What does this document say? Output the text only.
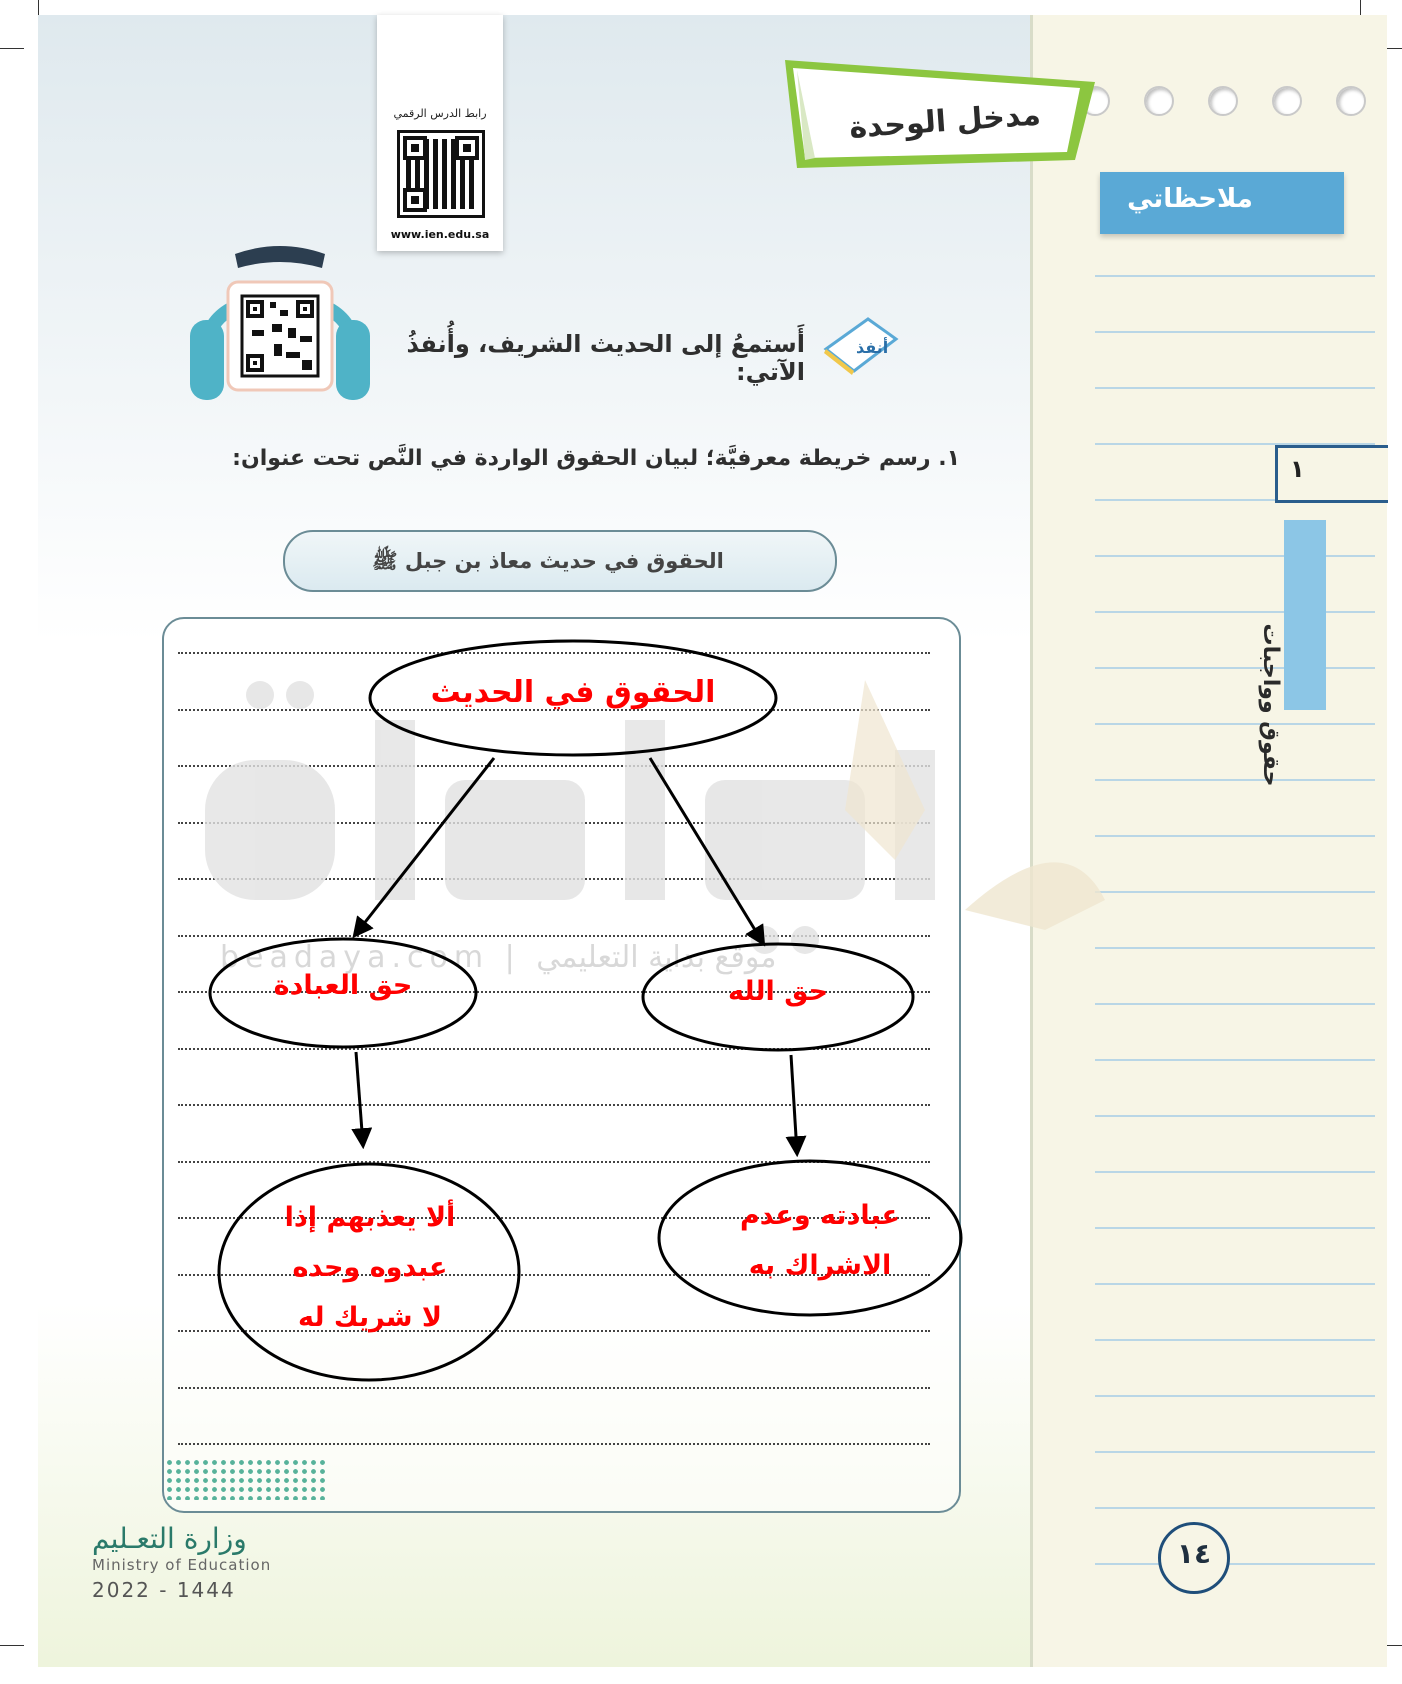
ملاحظاتي
١
حقوق وواجبات
رابط الدرس الرقمي
www.ien.edu.sa
مدخل الوحدة
أَستمعُ إلى الحديث الشريف، وأُنفذُ الآتي:
أنفذ
١. رسم خريطة معرفيَّة؛ لبيان الحقوق الواردة في النَّص تحت عنوان:
الحقوق في حديث معاذ بن جبل ﷺ
beadaya.com | موقع بداية التعليمي
الحقوق في الحديث
حق العبادة	حق الله
ألا يعذبهم إذا
عبدوه وحده
لا شريك له
عبادته وعدم
الاشراك به
١٤
وزارة التعـليم
Ministry of Education
2022 - 1444
